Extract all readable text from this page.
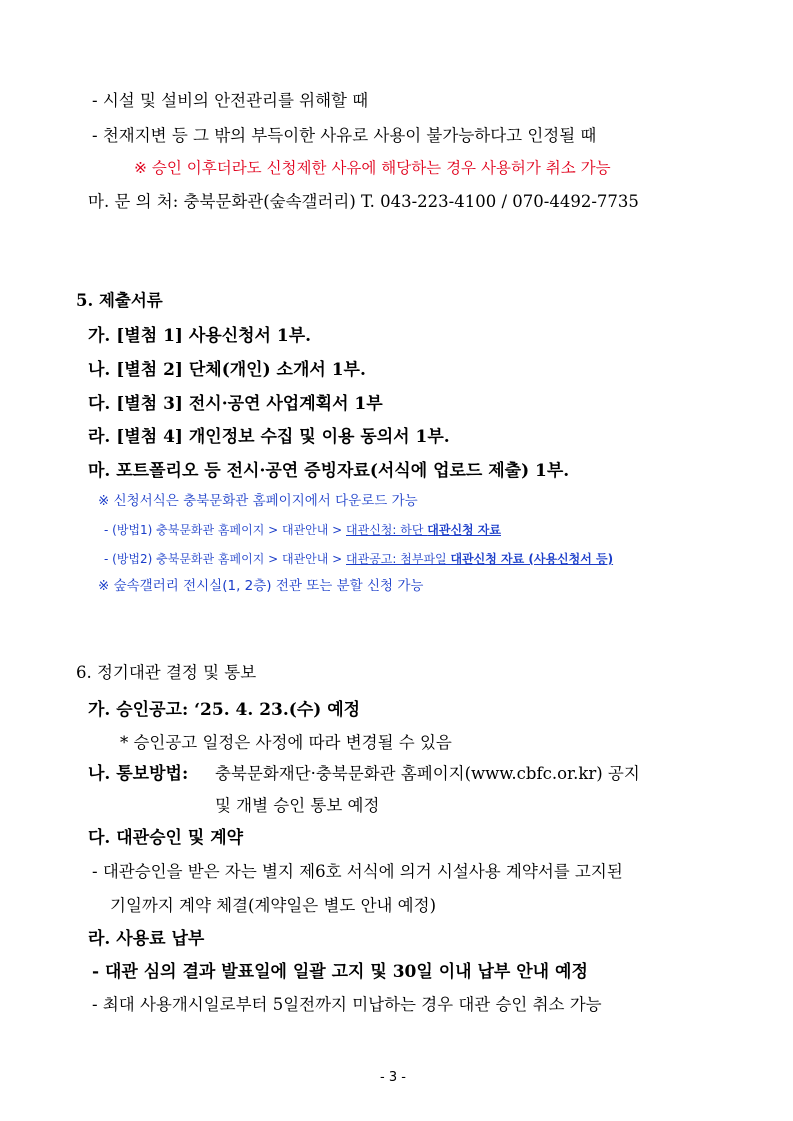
- 시설 및 설비의 안전관리를 위해할 때
- 천재지변 등 그 밖의 부득이한 사유로 사용이 불가능하다고 인정될 때
※ 승인 이후더라도 신청제한 사유에 해당하는 경우 사용허가 취소 가능
마. 문 의 처: 충북문화관(숲속갤러리) T. 043-223-4100 / 070-4492-7735
5. 제출서류
가. [별첨 1] 사용신청서 1부.
나. [별첨 2] 단체(개인) 소개서 1부.
다. [별첨 3] 전시·공연 사업계획서 1부
라. [별첨 4] 개인정보 수집 및 이용 동의서 1부.
마. 포트폴리오 등 전시·공연 증빙자료(서식에 업로드 제출) 1부.
※ 신청서식은 충북문화관 홈페이지에서 다운로드 가능
- (방법1) 충북문화관 홈페이지 > 대관안내 > 대관신청: 하단 대관신청 자료
- (방법2) 충북문화관 홈페이지 > 대관안내 > 대관공고: 첨부파일 대관신청 자료 (사용신청서 등)
※ 숲속갤러리 전시실(1, 2층) 전관 또는 분할 신청 가능
6. 정기대관 결정 및 통보
가. 승인공고: ‘25. 4. 23.(수) 예정
* 승인공고 일정은 사정에 따라 변경될 수 있음
나. 통보방법: 충북문화재단·충북문화관 홈페이지(www.cbfc.or.kr) 공지
및 개별 승인 통보 예정
다. 대관승인 및 계약
- 대관승인을 받은 자는 별지 제6호 서식에 의거 시설사용 계약서를 고지된
기일까지 계약 체결(계약일은 별도 안내 예정)
라. 사용료 납부
- 대관 심의 결과 발표일에 일괄 고지 및 30일 이내 납부 안내 예정
- 최대 사용개시일로부터 5일전까지 미납하는 경우 대관 승인 취소 가능
- 3 -
